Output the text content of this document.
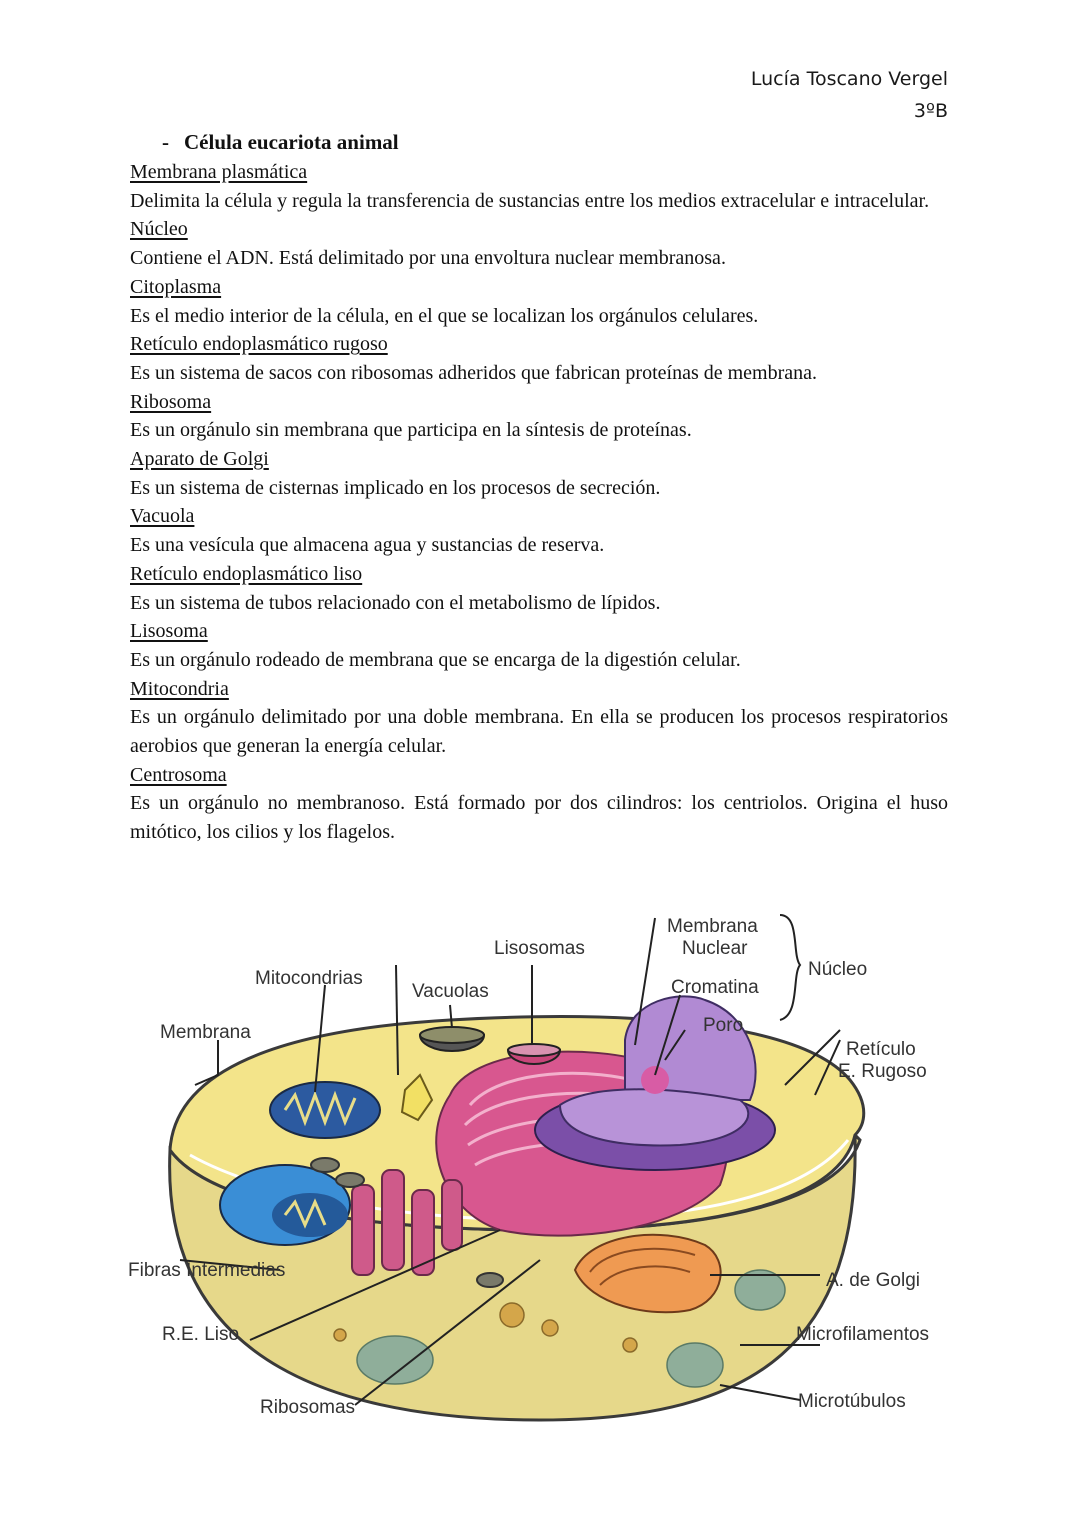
Lucía Toscano Vergel
3ºB
- Célula eucariota animal
Membrana plasmática
Delimita la célula y regula la transferencia de sustancias entre los medios extracelular e intracelular.
Núcleo
Contiene el ADN. Está delimitado por una envoltura nuclear membranosa.
Citoplasma
Es el medio interior de la célula, en el que se localizan los orgánulos celulares.
Retículo endoplasmático rugoso
Es un sistema de sacos con ribosomas adheridos que fabrican proteínas de membrana.
Ribosoma
Es un orgánulo sin membrana que participa en la síntesis de proteínas.
Aparato de Golgi
Es un sistema de cisternas implicado en los procesos de secreción.
Vacuola
Es una vesícula que almacena agua y sustancias de reserva.
Retículo endoplasmático liso
Es un sistema de tubos relacionado con el metabolismo de lípidos.
Lisosoma
Es un orgánulo rodeado de membrana que se encarga de la digestión celular.
Mitocondria
Es un orgánulo delimitado por una doble membrana. En ella se producen los procesos respiratorios aerobios que generan la energía celular.
Centrosoma
Es un orgánulo no membranoso. Está formado por dos cilindros: los centriolos. Origina el huso mitótico, los cilios y los flagelos.
Membrana
Nuclear
Lisosomas
Núcleo
Mitocondrias
Vacuolas	Cromatina
Poro
Membrana
Retículo
E. Rugoso
Fibras Intermedias	A. de Golgi
R.E. Liso	Microfilamentos
Ribosomas	Microtúbulos
